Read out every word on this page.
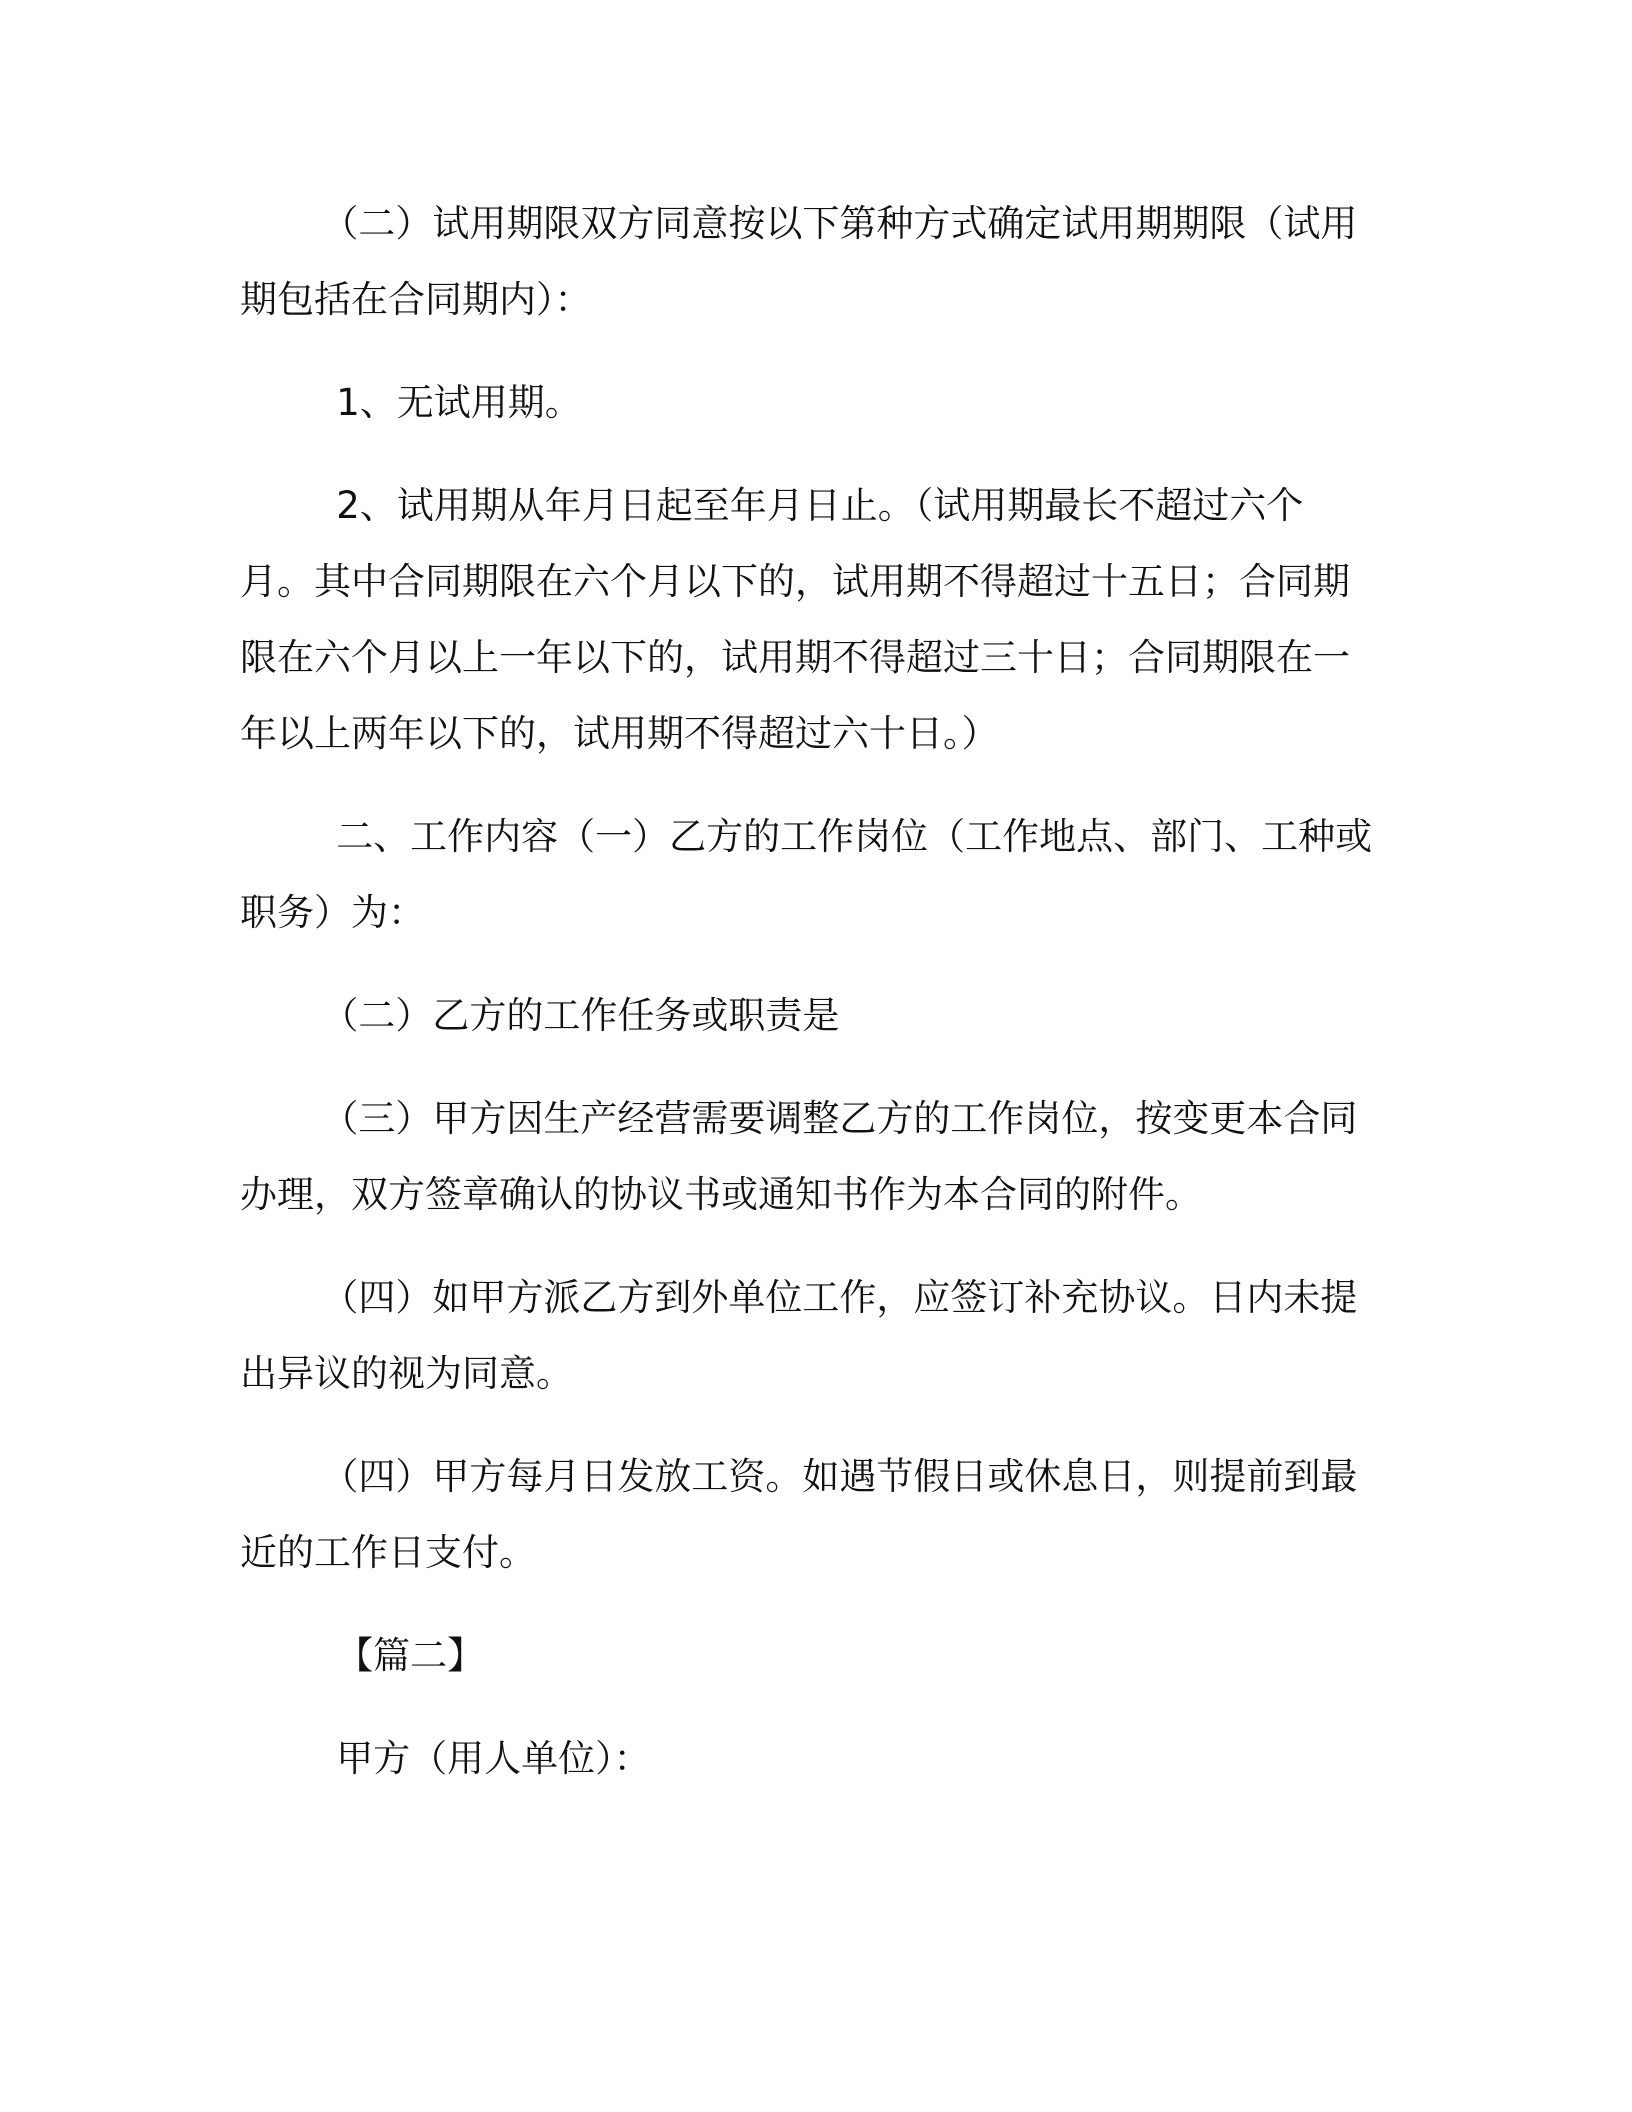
（二）试用期限双方同意按以下第种方式确定试用期期限（试用期包括在合同期内）：

1、无试用期。

2、试用期从年月日起至年月日止。（试用期最长不超过六个月。其中合同期限在六个月以下的，试用期不得超过十五日；合同期限在六个月以上一年以下的，试用期不得超过三十日；合同期限在一年以上两年以下的，试用期不得超过六十日。）

二、工作内容（一）乙方的工作岗位（工作地点、部门、工种或职务）为：

（二）乙方的工作任务或职责是

（三）甲方因生产经营需要调整乙方的工作岗位，按变更本合同办理，双方签章确认的协议书或通知书作为本合同的附件。

（四）如甲方派乙方到外单位工作，应签订补充协议。日内未提出异议的视为同意。

（四）甲方每月日发放工资。如遇节假日或休息日，则提前到最近的工作日支付。

【篇二】

甲方（用人单位）：
